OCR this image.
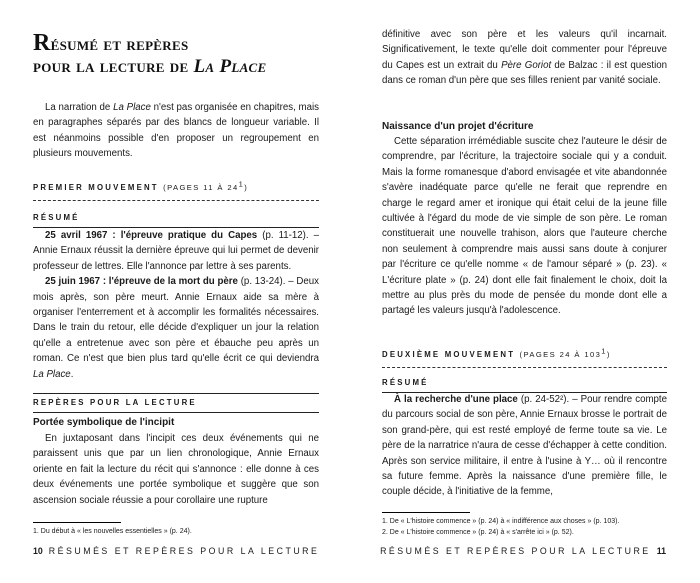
Résumé et repères
pour la lecture de La Place

La narration de La Place n'est pas organisée en chapitres, mais en paragraphes séparés par des blancs de longueur variable. Il est néanmoins possible d'en proposer un regroupement en plusieurs mouvements.

PREMIER MOUVEMENT (PAGES 11 À $24^1$)
RÉSUMÉ

25 avril 1967 : l'épreuve pratique du Capes (p. 11-12). – Annie Ernaux réussit la dernière épreuve qui lui permet de devenir professeur de lettres. Elle l'annonce par lettre à ses parents.

25 juin 1967 : l'épreuve de la mort du père (p. 13-24). – Deux mois après, son père meurt. Annie Ernaux aide sa mère à organiser l'enterrement et à accomplir les formalités nécessaires. Dans le train du retour, elle décide d'expliquer un jour la relation qu'elle a entretenue avec son père et ébauche peu après un roman. Ce n'est que bien plus tard qu'elle écrit ce qui deviendra La Place.

REPÈRES POUR LA LECTURE
Portée symbolique de l'incipit

En juxtaposant dans l'incipit ces deux événements qui ne paraissent unis que par un lien chronologique, Annie Ernaux oriente en fait la lecture du récit qui s'annonce : elle donne à ces deux événements une portée symbolique et suggère que son ascension sociale réussie a pour corollaire une rupture

1. Du début à « les nouvelles essentielles » (p. 24).

10 RÉSUMÉS ET REPÈRES POUR LA LECTURE

définitive avec son père et les valeurs qu'il incarnait. Significativement, le texte qu'elle doit commenter pour l'épreuve du Capes est un extrait du Père Goriot de Balzac : il est question dans ce roman d'un père que ses filles renient par vanité sociale.

Naissance d'un projet d'écriture

Cette séparation irrémédiable suscite chez l'auteure le désir de comprendre, par l'écriture, la trajectoire sociale qui y a conduit. Mais la forme romanesque d'abord envisagée et vite abandonnée s'avère inadéquate parce qu'elle ne ferait que reprendre en charge le regard amer et ironique qui était celui de la jeune fille cultivée à l'égard du mode de vie simple de son père. Le roman constituerait une nouvelle trahison, alors que l'auteure cherche non seulement à comprendre mais aussi sans doute à conjurer par l'écriture ce qu'elle nomme « de l'amour séparé » (p. 23). « L'écriture plate » (p. 24) dont elle fait finalement le choix, doit la mettre au plus près du mode de pensée du monde dont elle a partagé les valeurs jusqu'à l'adolescence.

DEUXIÈME MOUVEMENT (PAGES 24 À $103^1$)
RÉSUMÉ

À la recherche d'une place (p. 24-52²). – Pour rendre compte du parcours social de son père, Annie Ernaux brosse le portrait de son grand-père, qui est resté employé de ferme toute sa vie. Le père de la narratrice n'aura de cesse d'échapper à cette condition. Après son service militaire, il entre à l'usine à Y… où il rencontre sa future femme. Après la naissance d'une première fille, le couple décide, à l'initiative de la femme,

1. De « L'histoire commence » (p. 24) à « indifférence aux choses » (p. 103).

2. De « L'histoire commence » (p. 24) à « s'arrête ici » (p. 52).

RÉSUMÉS ET REPÈRES POUR LA LECTURE 11
